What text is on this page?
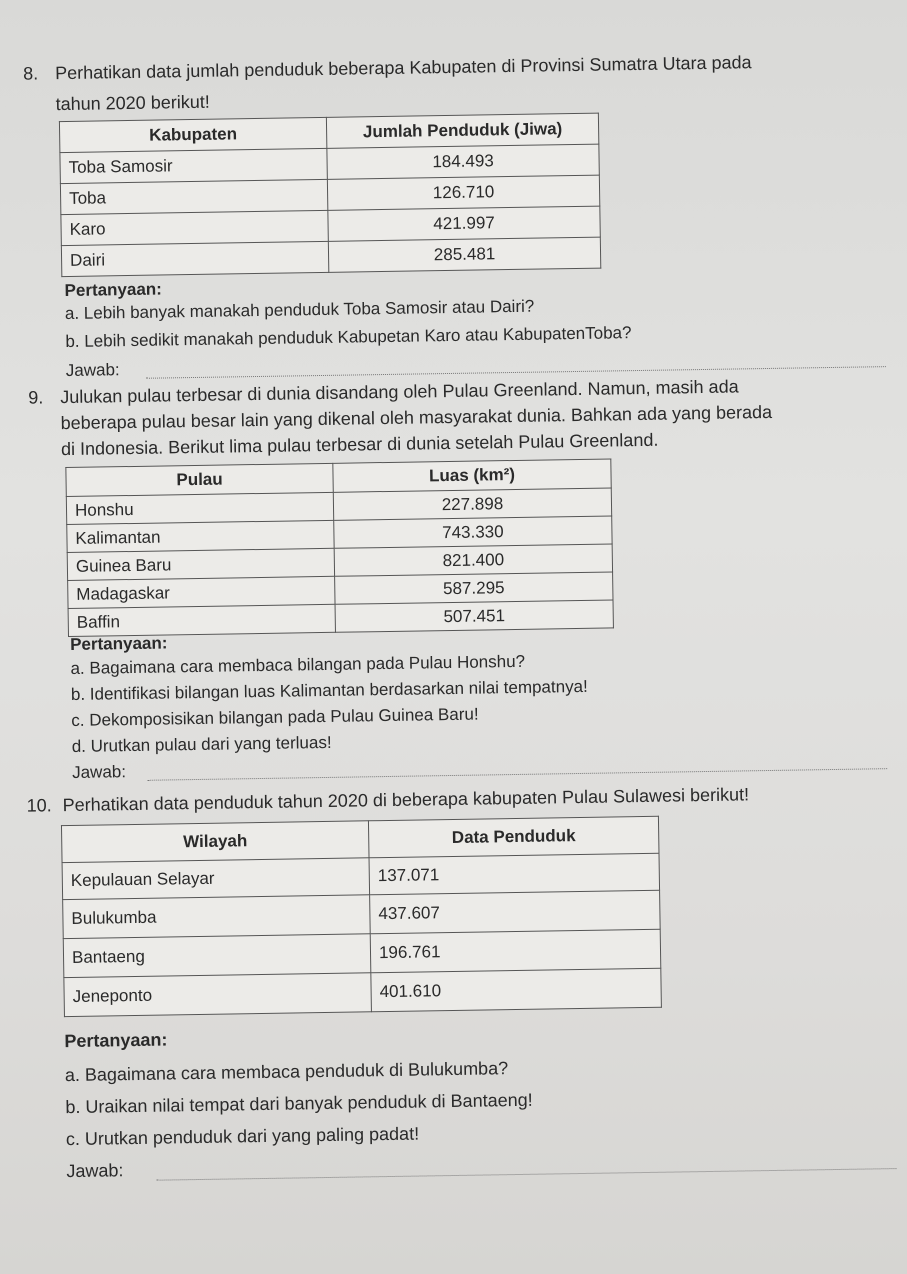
8. Perhatikan data jumlah penduduk beberapa Kabupaten di Provinsi Sumatra Utara pada
tahun 2020 berikut!
Kabupaten	Jumlah Penduduk (Jiwa)
Toba Samosir	184.493
Toba	126.710
Karo	421.997
Dairi	285.481
Pertanyaan:
a. Lebih banyak manakah penduduk Toba Samosir atau Dairi?
b. Lebih sedikit manakah penduduk Kabupetan Karo atau KabupatenToba?
Jawab:
9. Julukan pulau terbesar di dunia disandang oleh Pulau Greenland. Namun, masih ada
beberapa pulau besar lain yang dikenal oleh masyarakat dunia. Bahkan ada yang berada
di Indonesia. Berikut lima pulau terbesar di dunia setelah Pulau Greenland.
Pulau	Luas (km²)
Honshu	227.898
Kalimantan	743.330
Guinea Baru	821.400
Madagaskar	587.295
Baffin	507.451
Pertanyaan:
a. Bagaimana cara membaca bilangan pada Pulau Honshu?
b. Identifikasi bilangan luas Kalimantan berdasarkan nilai tempatnya!
c. Dekomposisikan bilangan pada Pulau Guinea Baru!
d. Urutkan pulau dari yang terluas!
Jawab:
10. Perhatikan data penduduk tahun 2020 di beberapa kabupaten Pulau Sulawesi berikut!
Wilayah	Data Penduduk
Kepulauan Selayar	137.071
Bulukumba	437.607
Bantaeng	196.761
Jeneponto	401.610
Pertanyaan:
a. Bagaimana cara membaca penduduk di Bulukumba?
b. Uraikan nilai tempat dari banyak penduduk di Bantaeng!
c. Urutkan penduduk dari yang paling padat!
Jawab:
